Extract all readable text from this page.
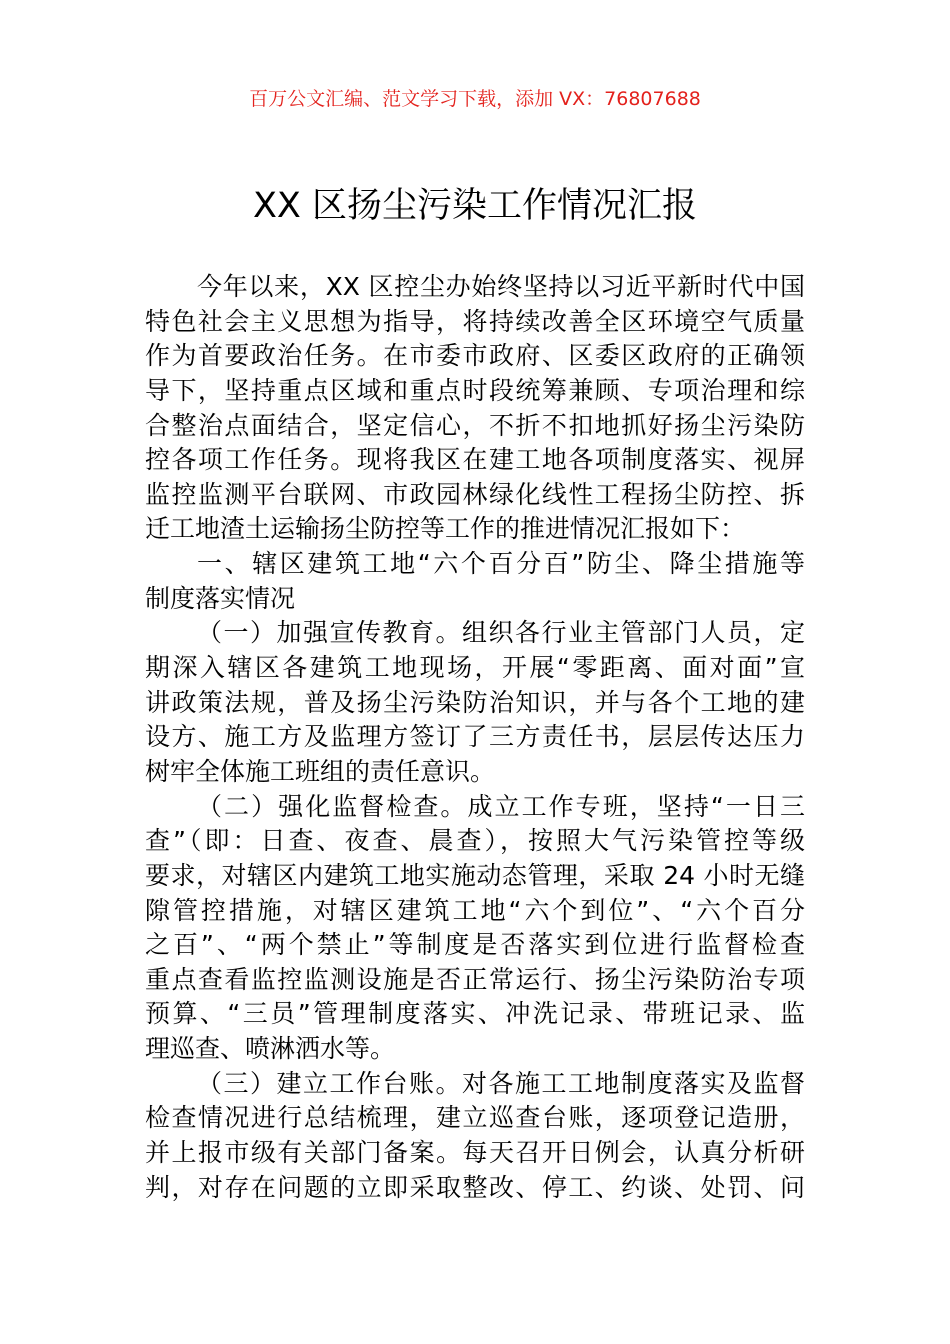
百万公文汇编、范文学习下载，添加 VX：76807688
XX 区扬尘污染工作情况汇报
今年以来，XX 区控尘办始终坚持以习近平新时代中国
特色社会主义思想为指导，将持续改善全区环境空气质量
作为首要政治任务。在市委市政府、区委区政府的正确领
导下，坚持重点区域和重点时段统筹兼顾、专项治理和综
合整治点面结合，坚定信心，不折不扣地抓好扬尘污染防
控各项工作任务。现将我区在建工地各项制度落实、视屏
监控监测平台联网、市政园林绿化线性工程扬尘防控、拆
迁工地渣土运输扬尘防控等工作的推进情况汇报如下：
一、辖区建筑工地“六个百分百”防尘、降尘措施等
制度落实情况
（一）加强宣传教育。组织各行业主管部门人员，定
期深入辖区各建筑工地现场，开展“零距离、面对面”宣
讲政策法规，普及扬尘污染防治知识，并与各个工地的建
设方、施工方及监理方签订了三方责任书，层层传达压力
树牢全体施工班组的责任意识。
（二）强化监督检查。成立工作专班，坚持“一日三
查”（即：日查、夜查、晨查），按照大气污染管控等级
要求，对辖区内建筑工地实施动态管理，采取 24 小时无缝
隙管控措施，对辖区建筑工地“六个到位”、“六个百分
之百”、“两个禁止”等制度是否落实到位进行监督检查
重点查看监控监测设施是否正常运行、扬尘污染防治专项
预算、“三员”管理制度落实、冲洗记录、带班记录、监
理巡查、喷淋洒水等。
（三）建立工作台账。对各施工工地制度落实及监督
检查情况进行总结梳理，建立巡查台账，逐项登记造册，
并上报市级有关部门备案。每天召开日例会，认真分析研
判，对存在问题的立即采取整改、停工、约谈、处罚、问
